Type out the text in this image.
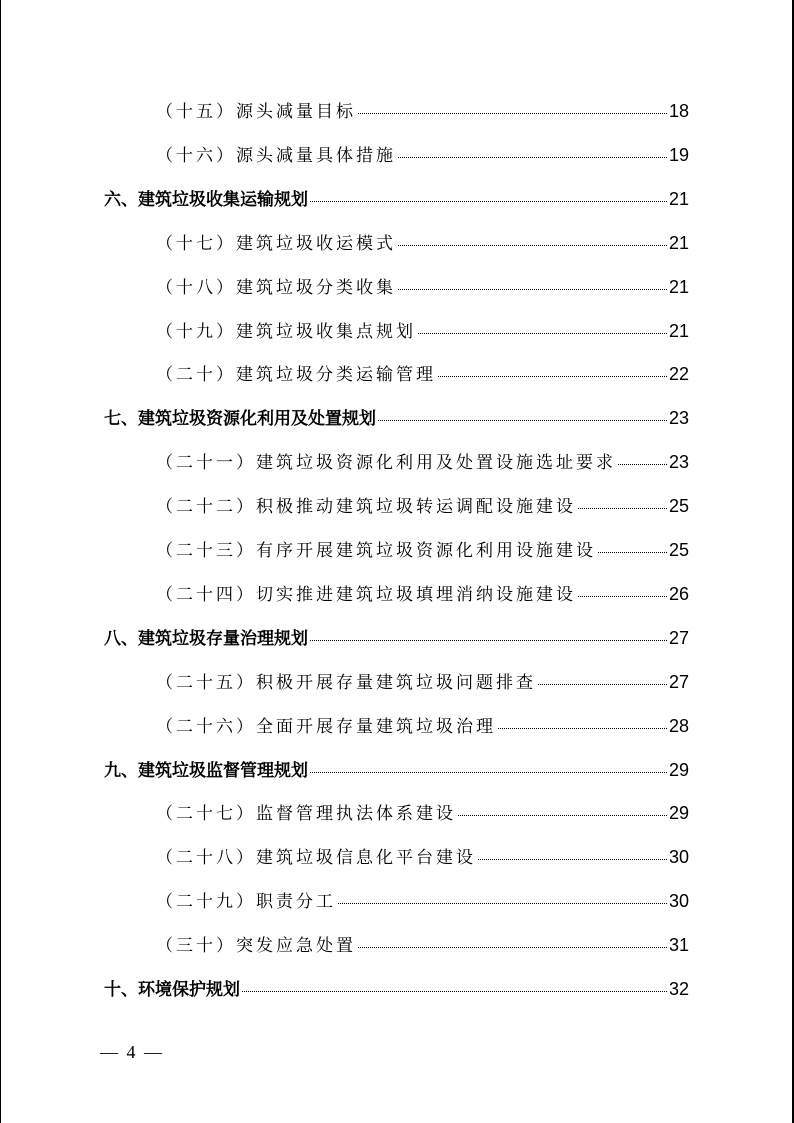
（十五）源头减量目标	18
（十六）源头减量具体措施	19
六、建筑垃圾收集运输规划	21
（十七）建筑垃圾收运模式	21
（十八）建筑垃圾分类收集	21
（十九）建筑垃圾收集点规划	21
（二十）建筑垃圾分类运输管理	22
七、建筑垃圾资源化利用及处置规划	23
（二十一）建筑垃圾资源化利用及处置设施选址要求	23
（二十二）积极推动建筑垃圾转运调配设施建设	25
（二十三）有序开展建筑垃圾资源化利用设施建设	25
（二十四）切实推进建筑垃圾填埋消纳设施建设	26
八、建筑垃圾存量治理规划	27
（二十五）积极开展存量建筑垃圾问题排查	27
（二十六）全面开展存量建筑垃圾治理	28
九、建筑垃圾监督管理规划	29
（二十七）监督管理执法体系建设	29
（二十八）建筑垃圾信息化平台建设	30
（二十九）职责分工	30
（三十）突发应急处置	31
十、环境保护规划	32
— 4 —
